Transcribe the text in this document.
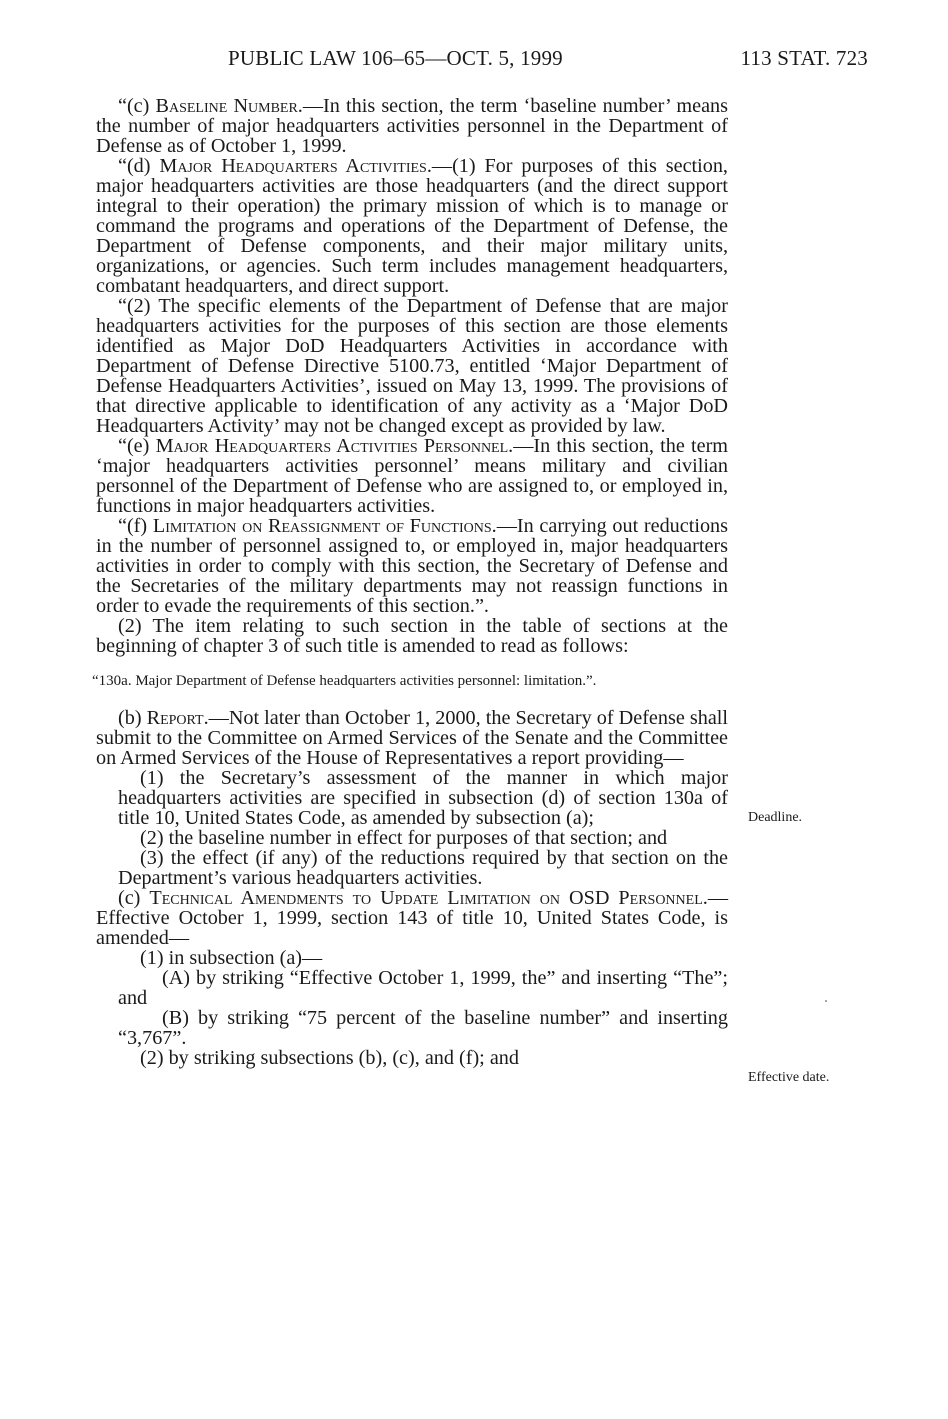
PUBLIC LAW 106–65—OCT. 5, 1999	113 STAT. 723

“(c) Baseline Number.—In this section, the term ‘baseline number’ means the number of major headquarters activities personnel in the Department of Defense as of October 1, 1999.

“(d) Major Headquarters Activities.—(1) For purposes of this section, major headquarters activities are those headquarters (and the direct support integral to their operation) the primary mission of which is to manage or command the programs and operations of the Department of Defense, the Department of Defense components, and their major military units, organizations, or agencies. Such term includes management headquarters, combatant headquarters, and direct support.

“(2) The specific elements of the Department of Defense that are major headquarters activities for the purposes of this section are those elements identified as Major DoD Headquarters Activities in accordance with Department of Defense Directive 5100.73, entitled ‘Major Department of Defense Headquarters Activities’, issued on May 13, 1999. The provisions of that directive applicable to identification of any activity as a ‘Major DoD Headquarters Activity’ may not be changed except as provided by law.

“(e) Major Headquarters Activities Personnel.—In this section, the term ‘major headquarters activities personnel’ means military and civilian personnel of the Department of Defense who are assigned to, or employed in, functions in major headquarters activities.

“(f) Limitation on Reassignment of Functions.—In carrying out reductions in the number of personnel assigned to, or employed in, major headquarters activities in order to comply with this section, the Secretary of Defense and the Secretaries of the military departments may not reassign functions in order to evade the requirements of this section.”.

(2) The item relating to such section in the table of sections at the beginning of chapter 3 of such title is amended to read as follows:

“130a. Major Department of Defense headquarters activities personnel: limitation.”.

(b) Report.—Not later than October 1, 2000, the Secretary of Defense shall submit to the Committee on Armed Services of the Senate and the Committee on Armed Services of the House of Representatives a report providing—

(1) the Secretary’s assessment of the manner in which major headquarters activities are specified in subsection (d) of section 130a of title 10, United States Code, as amended by subsection (a);

(2) the baseline number in effect for purposes of that section; and

(3) the effect (if any) of the reductions required by that section on the Department’s various headquarters activities.

(c) Technical Amendments to Update Limitation on OSD Personnel.—Effective October 1, 1999, section 143 of title 10, United States Code, is amended—

(1) in subsection (a)—

(A) by striking “Effective October 1, 1999, the” and inserting “The”; and

(B) by striking “75 percent of the baseline number” and inserting “3,767”.

(2) by striking subsections (b), (c), and (f); and

Deadline.
Effective date.
